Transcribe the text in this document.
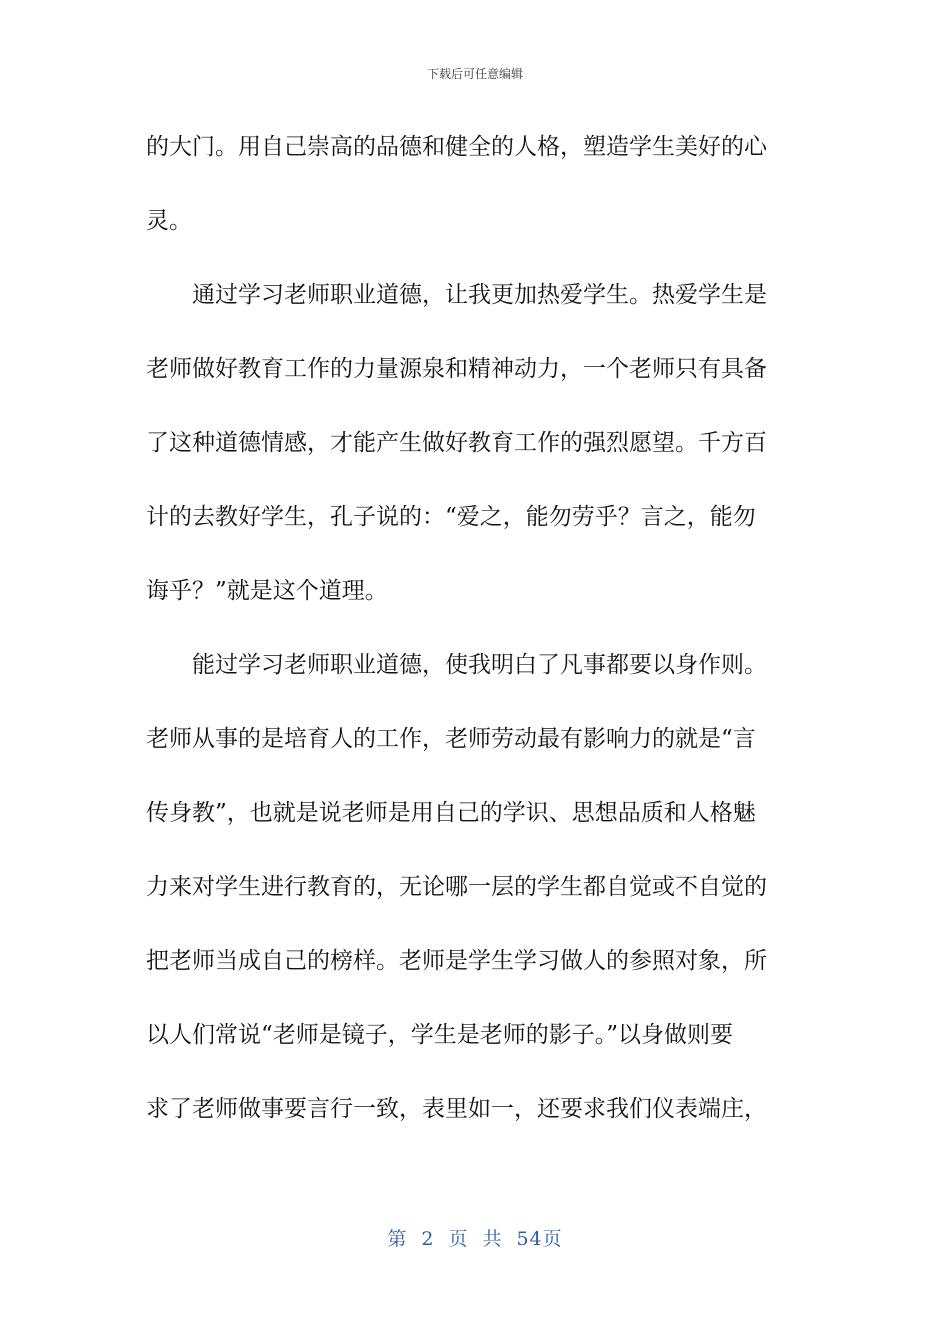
下载后可任意编辑
的大门。用自己崇高的品德和健全的人格，塑造学生美好的心
灵。
　　通过学习老师职业道德，让我更加热爱学生。热爱学生是
老师做好教育工作的力量源泉和精神动力，一个老师只有具备
了这种道德情感，才能产生做好教育工作的强烈愿望。千方百
计的去教好学生，孔子说的：“爱之，能勿劳乎？言之，能勿
诲乎？”就是这个道理。
　　能过学习老师职业道德，使我明白了凡事都要以身作则。
老师从事的是培育人的工作，老师劳动最有影响力的就是“言
传身教”，也就是说老师是用自己的学识、思想品质和人格魅
力来对学生进行教育的，无论哪一层的学生都自觉或不自觉的
把老师当成自己的榜样。老师是学生学习做人的参照对象，所
以人们常说“老师是镜子，学生是老师的影子。”以身做则要
求了老师做事要言行一致，表里如一，还要求我们仪表端庄，
第 2 页 共 54页
